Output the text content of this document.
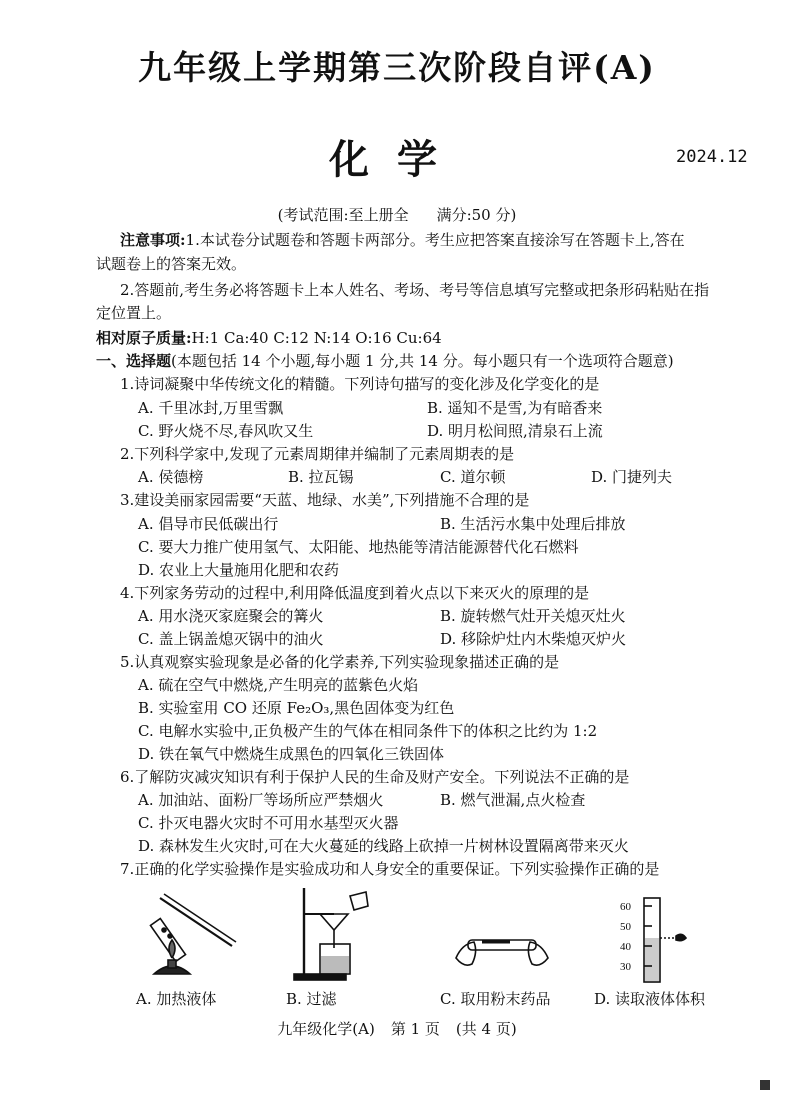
九年级上学期第三次阶段自评(A)
化学	2024.12
(考试范围:至上册全 满分:50 分)
注意事项:1.本试卷分试题卷和答题卡两部分。考生应把答案直接涂写在答题卡上,答在
试题卷上的答案无效。
2.答题前,考生务必将答题卡上本人姓名、考场、考号等信息填写完整或把条形码粘贴在指
定位置上。
相对原子质量:H:1 Ca:40 C:12 N:14 O:16 Cu:64
一、选择题(本题包括 14 个小题,每小题 1 分,共 14 分。每小题只有一个选项符合题意)
1.诗词凝聚中华传统文化的精髓。下列诗句描写的变化涉及化学变化的是
A. 千里冰封,万里雪飘	B. 遥知不是雪,为有暗香来
C. 野火烧不尽,春风吹又生	D. 明月松间照,清泉石上流
2.下列科学家中,发现了元素周期律并编制了元素周期表的是
A. 侯德榜	B. 拉瓦锡	C. 道尔顿	D. 门捷列夫
3.建设美丽家园需要“天蓝、地绿、水美”,下列措施不合理的是
A. 倡导市民低碳出行	B. 生活污水集中处理后排放
C. 要大力推广使用氢气、太阳能、地热能等清洁能源替代化石燃料
D. 农业上大量施用化肥和农药
4.下列家务劳动的过程中,利用降低温度到着火点以下来灭火的原理的是
A. 用水浇灭家庭聚会的篝火	B. 旋转燃气灶开关熄灭灶火
C. 盖上锅盖熄灭锅中的油火	D. 移除炉灶内木柴熄灭炉火
5.认真观察实验现象是必备的化学素养,下列实验现象描述正确的是
A. 硫在空气中燃烧,产生明亮的蓝紫色火焰
B. 实验室用 CO 还原 Fe₂O₃,黑色固体变为红色
C. 电解水实验中,正负极产生的气体在相同条件下的体积之比约为 1:2
D. 铁在氧气中燃烧生成黑色的四氧化三铁固体
6.了解防灾减灾知识有利于保护人民的生命及财产安全。下列说法不正确的是
A. 加油站、面粉厂等场所应严禁烟火	B. 燃气泄漏,点火检查
C. 扑灭电器火灾时不可用水基型灭火器
D. 森林发生火灾时,可在大火蔓延的线路上砍掉一片树林设置隔离带来灭火
7.正确的化学实验操作是实验成功和人身安全的重要保证。下列实验操作正确的是
A. 加热液体	B. 过滤	C. 取用粉末药品
60
50
40
30
D. 读取液体体积
九年级化学(A) 第 1 页 (共 4 页)
